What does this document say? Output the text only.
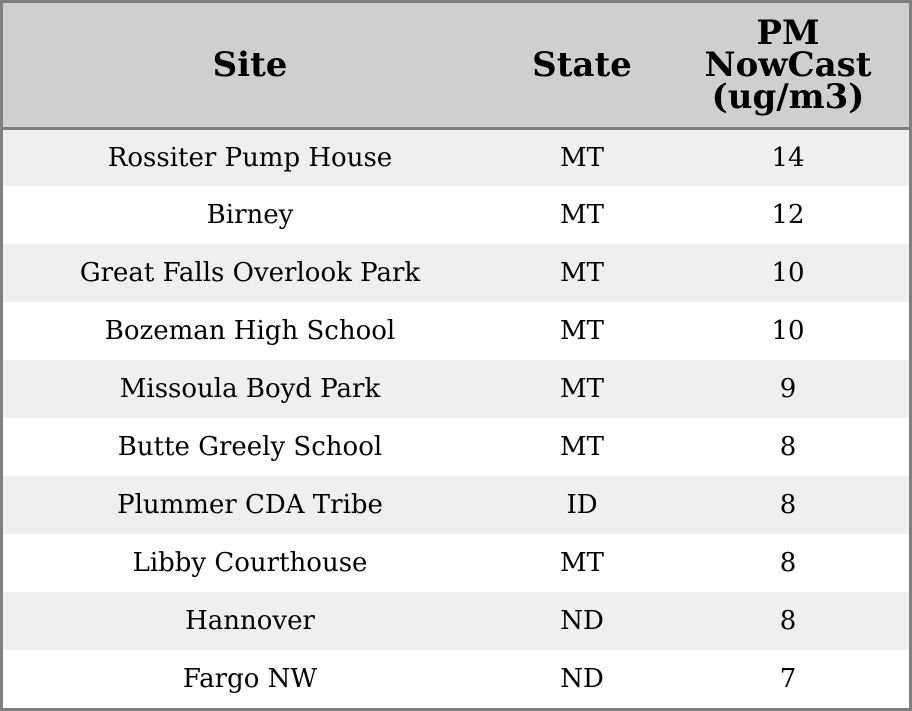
Site	State	PM
NowCast
(ug/m3)

Rossiter Pump House	MT	14
Birney	MT	12
Great Falls Overlook Park	MT	10
Bozeman High School	MT	10
Missoula Boyd Park	MT	9
Butte Greely School	MT	8
Plummer CDA Tribe	ID	8
Libby Courthouse	MT	8
Hannover	ND	8
Fargo NW	ND	7
